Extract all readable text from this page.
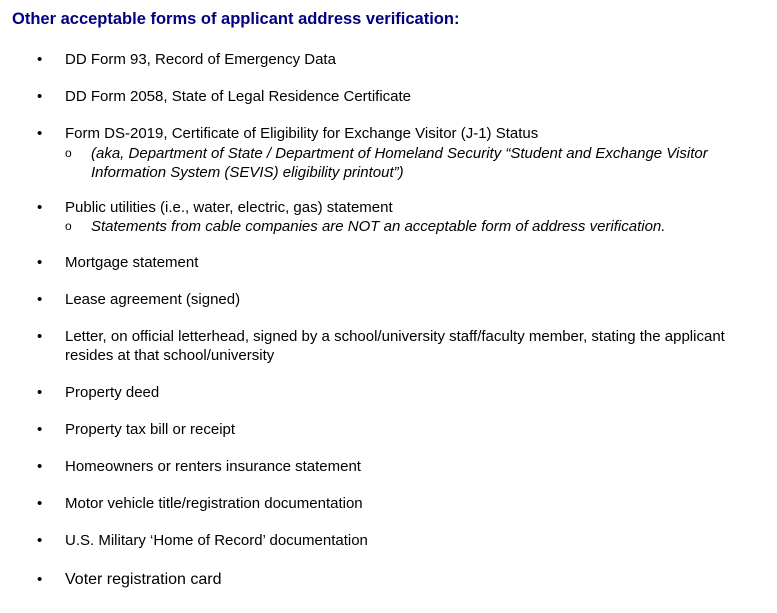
Other acceptable forms of applicant address verification:
•	DD Form 93, Record of Emergency Data
•	DD Form 2058, State of Legal Residence Certificate
•	Form DS-2019, Certificate of Eligibility for Exchange Visitor (J-1) Status
o (aka, Department of State / Department of Homeland Security “Student and Exchange Visitor Information System (SEVIS) eligibility printout”)
•	Public utilities (i.e., water, electric, gas) statement
o Statements from cable companies are NOT an acceptable form of address verification.
•	Mortgage statement
•	Lease agreement (signed)
•	Letter, on official letterhead, signed by a school/university staff/faculty member, stating the applicant resides at that school/university
•	Property deed
•	Property tax bill or receipt
•	Homeowners or renters insurance statement
•	Motor vehicle title/registration documentation
•	U.S. Military ‘Home of Record’ documentation
• Voter registration card
